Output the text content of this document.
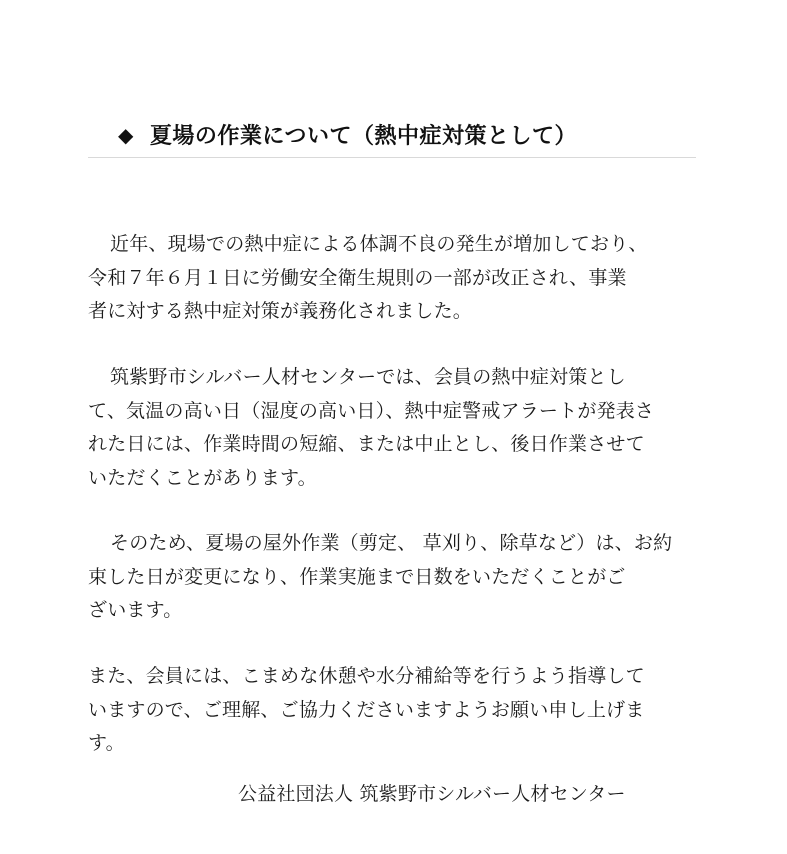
◆ 夏場の作業について（熱中症対策として）
近年、現場での熱中症による体調不良の発生が増加しており、
令和７年６月１日に労働安全衛生規則の一部が改正され、事業
者に対する熱中症対策が義務化されました。
筑紫野市シルバー人材センターでは、会員の熱中症対策とし
て、気温の高い日（湿度の高い日）、熱中症警戒アラートが発表さ
れた日には、作業時間の短縮、または中止とし、後日作業させて
いただくことがあります。
そのため、夏場の屋外作業（剪定、 草刈り、除草など）は、お約
束した日が変更になり、作業実施まで日数をいただくことがご
ざいます。
また、会員には、こまめな休憩や水分補給等を行うよう指導して
いますので、ご理解、ご協力くださいますようお願い申し上げま
す。
公益社団法人 筑紫野市シルバー人材センター
